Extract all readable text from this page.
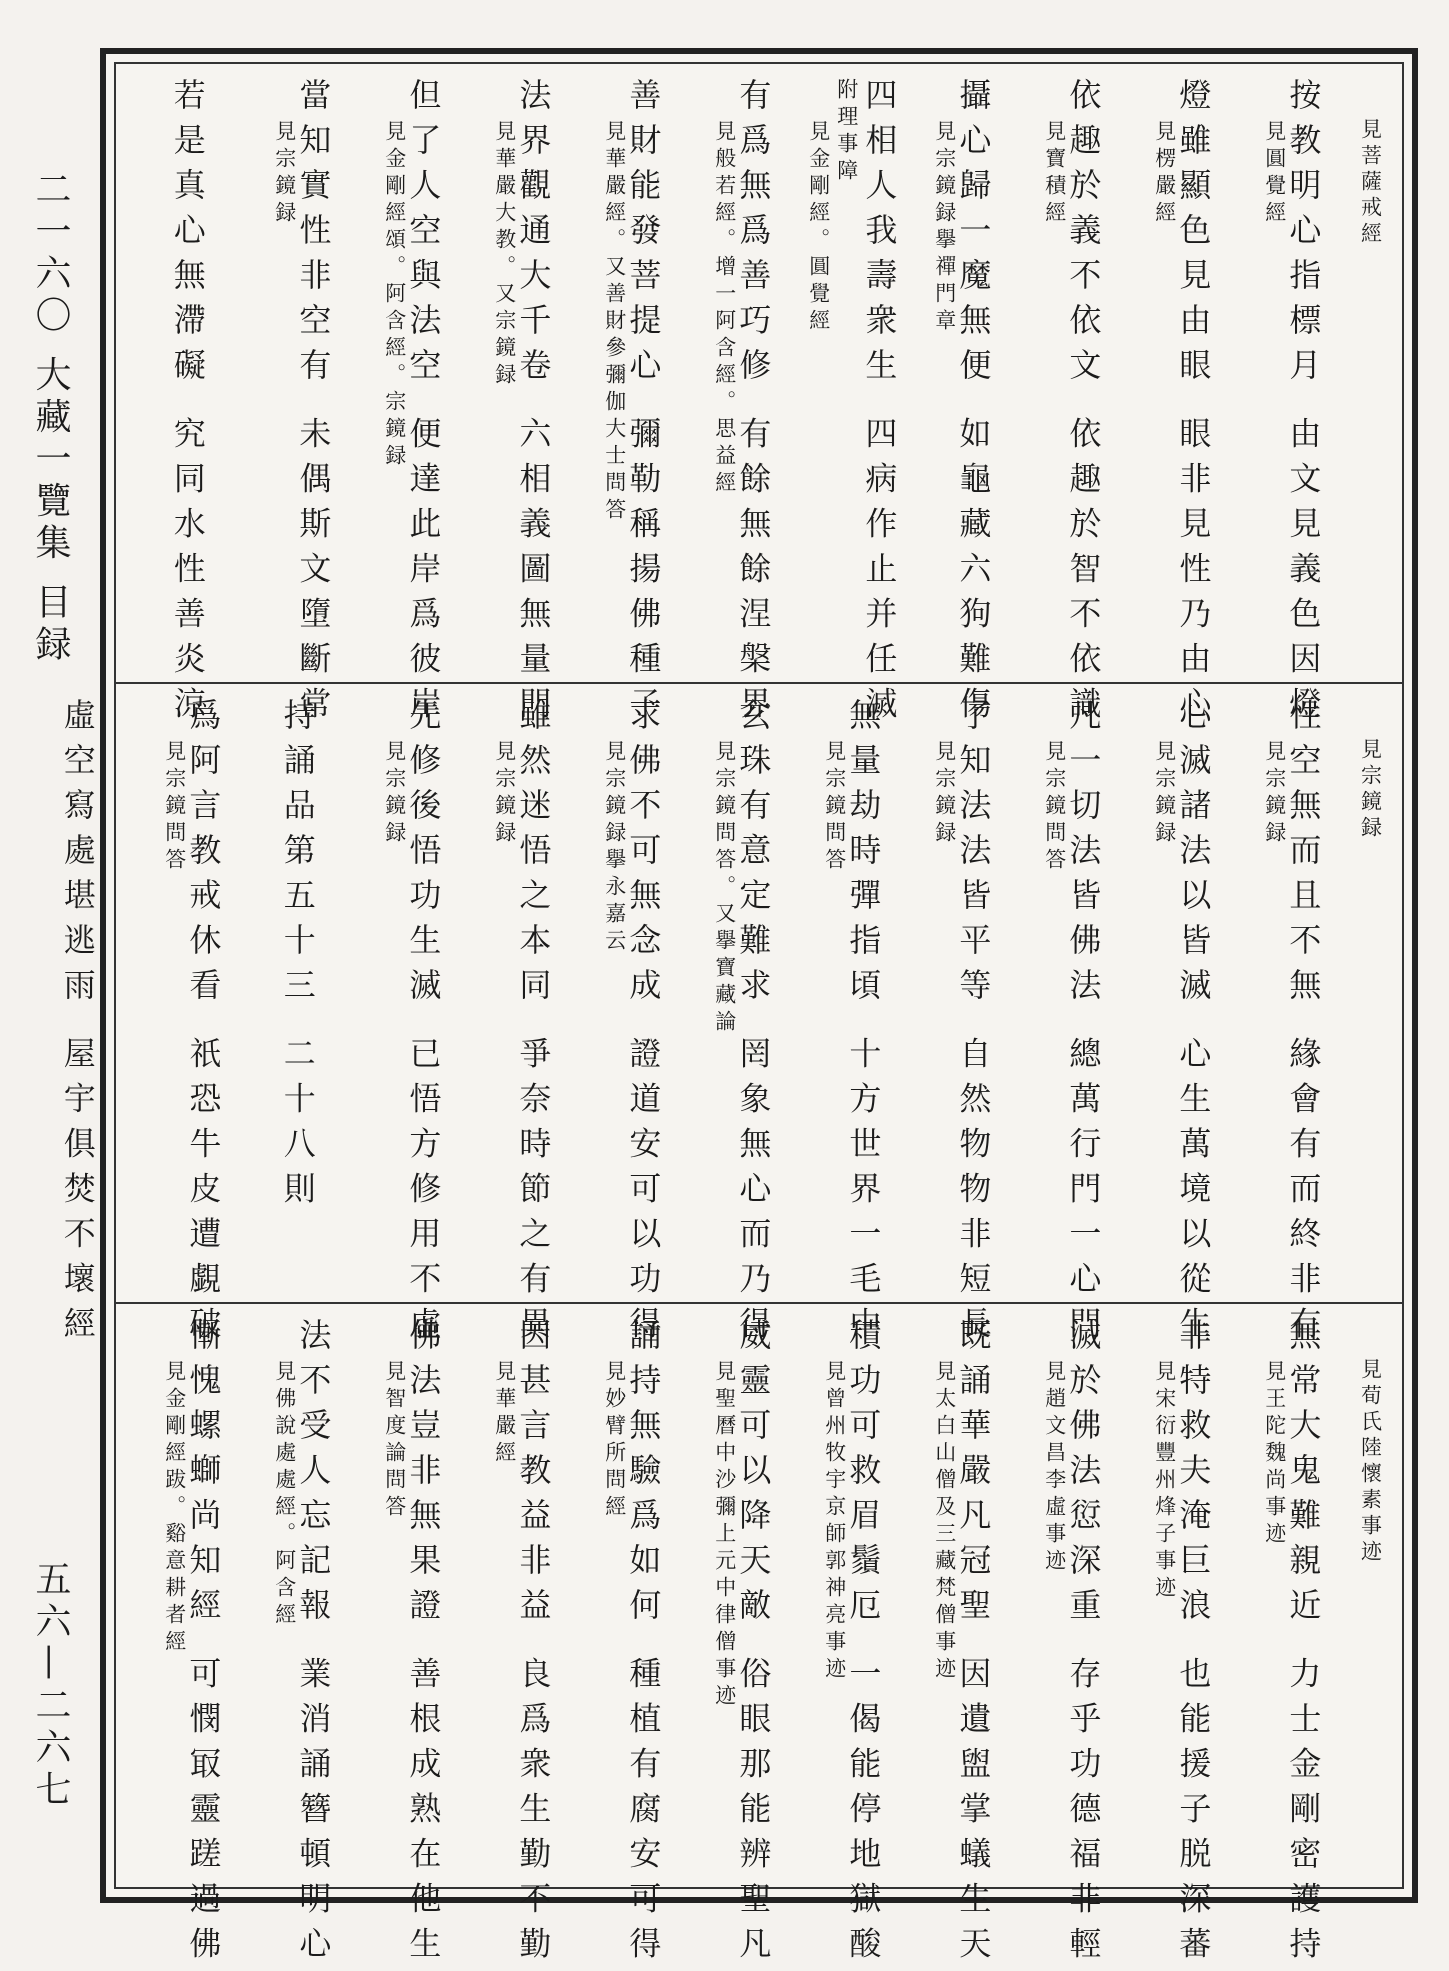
二一六〇 大藏一覽集 目録
五六—二六七
見菩薩戒經
按教明心指標月 由文見義色因燈
見圓覺經
燈雖顯色見由眼 眼非見性乃由心
見楞嚴經
依趣於義不依文 依趣於智不依識
見寶積經
攝心歸一魔無便 如龜藏六狗難傷
見宗鏡録擧禪門章
四相人我壽衆生 四病作止并任滅
附理事障
見金剛經。圓覺經
有爲無爲善巧修 有餘無餘涅槃界
見般若經。增一阿含經。思益經
善財能發菩提心 彌勒稱揚佛種子
見華嚴經。又善財參彌伽大士問答
法界觀通大千卷 六相義圖無量門
見華嚴大教。又宗鏡録
但了人空與法空 便達此岸爲彼岸
見金剛經頌。阿含經。宗鏡録
當知實性非空有 未偶斯文墮斷常
見宗鏡録
若是真心無滯礙 究同水性善炎涼
見宗鏡録
性空無而且不無 緣會有而終非有
見宗鏡録
心滅諸法以皆滅 心生萬境以從生
見宗鏡録
凡一切法皆佛法 總萬行門一心門
見宗鏡問答
了知法法皆平等 自然物物非短長
見宗鏡録
無量劫時彈指頃 十方世界一毛中
見宗鏡問答
玄珠有意定難求 罔象無心而乃得
見宗鏡問答。又擧寶藏論
求佛不可無念成 證道安可以功得
見宗鏡録擧永嘉云
雖然迷悟之本同 爭奈時節之有異
見宗鏡録
先修後悟功生滅 已悟方修用不虛
見宗鏡録
持誦品第五十三 二十八則
爲阿言教戒休看 祇恐牛皮遭覷破
見宗鏡問答
虛空寫處堪逃雨 屋宇俱焚不壞經
見荀氏陸懷素事迹
無常大鬼難親近 力士金剛密護持
見王陀魏尚事迹
非特救夫淹巨浪 也能援子脱深蕃
見宋衍豐州烽子事迹
滅於佛法愆深重 存乎功德福非輕
見趙文昌李虛事迹
既誦華嚴凡冠聖 因遺盥掌蟻生天
見太白山僧及三藏梵僧事迹
積功可救眉鬚厄 一偈能停地獄酸
見曾州牧宇京師郭神亮事迹
威靈可以降天敵 俗眼那能辨聖凡
見聖曆中沙彌上元中律僧事迹
誦持無驗爲如何 種植有腐安可得
見妙臂所問經
因甚言教益非益 良爲衆生勤不勤
見華嚴經
佛法豈非無果證 善根成熟在他生
見智度論問答
法不受人忘記報 業消誦簪頓明心
見佛說處處經。阿含經
慚愧螺螄尚知經 可憫冣靈蹉過佛
見金剛經跋。谿意耕者經
